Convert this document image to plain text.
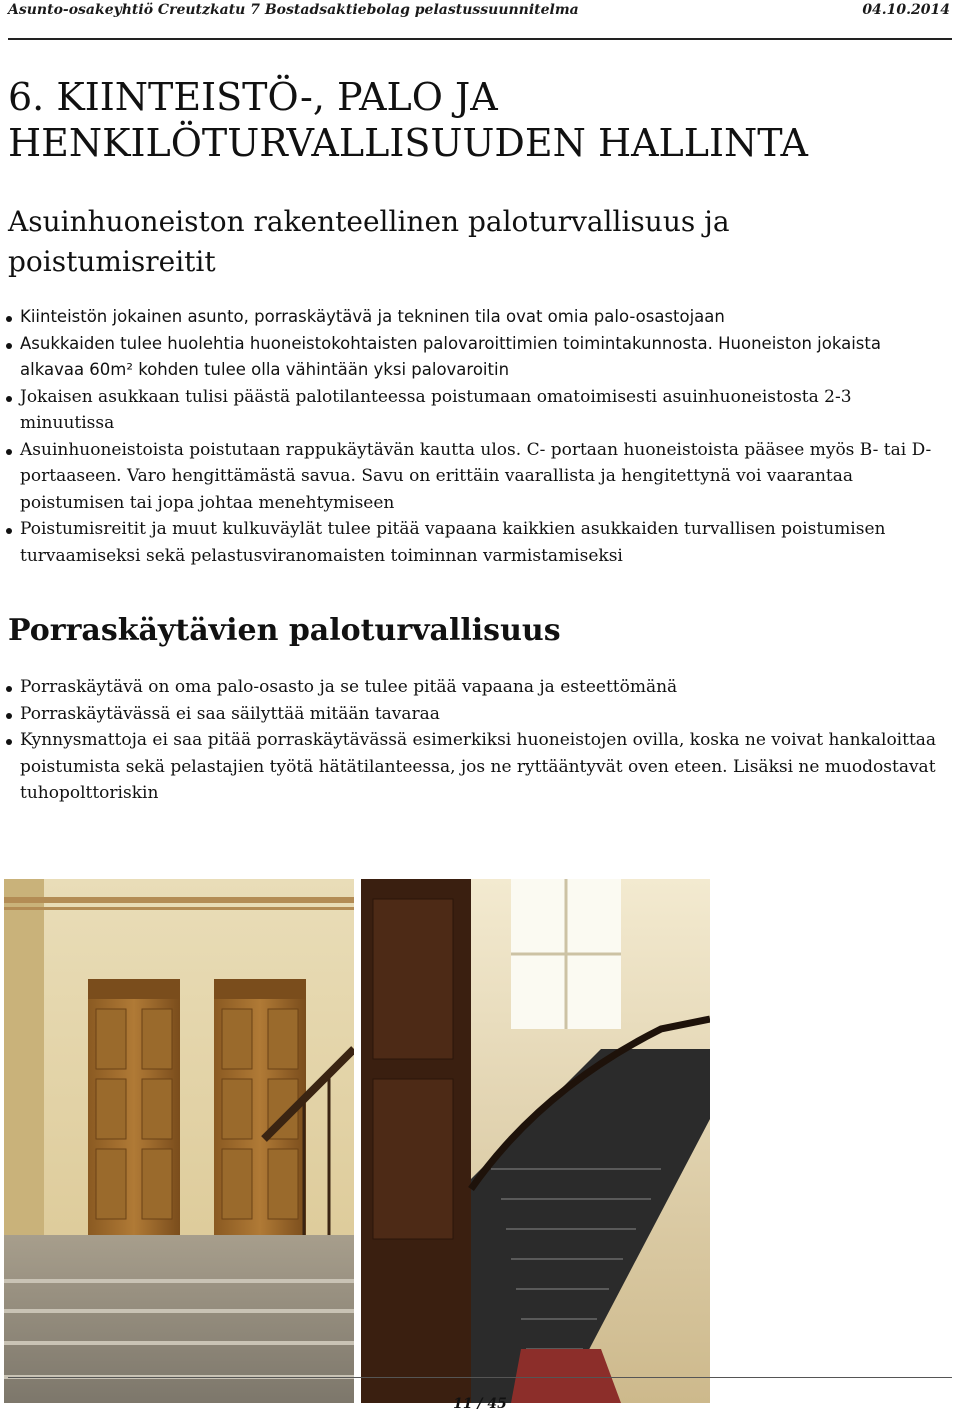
Asunto-osakeyhtiö Creutzkatu 7 Bostadsaktiebolag pelastussuunnitelma	04.10.2014
6. KIINTEISTÖ-, PALO JA HENKILÖTURVALLISUUDEN HALLINTA
Asuinhuoneiston rakenteellinen paloturvallisuus ja poistumisreitit
Kiinteistön jokainen asunto, porraskäytävä ja tekninen tila ovat omia palo-osastojaan
Asukkaiden tulee huolehtia huoneistokohtaisten palovaroittimien toimintakunnosta. Huoneiston jokaista alkavaa 60m² kohden tulee olla vähintään yksi palovaroitin
Jokaisen asukkaan tulisi päästä palotilanteessa poistumaan omatoimisesti asuinhuoneistosta 2-3 minuutissa
Asuinhuoneistoista poistutaan rappukäytävän kautta ulos. C- portaan huoneistoista pääsee myös B- tai D- portaaseen. Varo hengittämästä savua. Savu on erittäin vaarallista ja hengitettynä voi vaarantaa poistumisen tai jopa johtaa menehtymiseen
Poistumisreitit ja muut kulkuväylät tulee pitää vapaana kaikkien asukkaiden turvallisen poistumisen turvaamiseksi sekä pelastusviranomaisten toiminnan varmistamiseksi
Porraskäytävien paloturvallisuus
Porraskäytävä on oma palo-osasto ja se tulee pitää vapaana ja esteettömänä
Porraskäytävässä ei saa säilyttää mitään tavaraa
Kynnysmattoja ei saa pitää porraskäytävässä esimerkiksi huoneistojen ovilla, koska ne voivat hankaloittaa poistumista sekä pelastajien työtä hätätilanteessa, jos ne ryttääntyvät oven eteen. Lisäksi ne muodostavat tuhopolttoriskin
11 / 45
